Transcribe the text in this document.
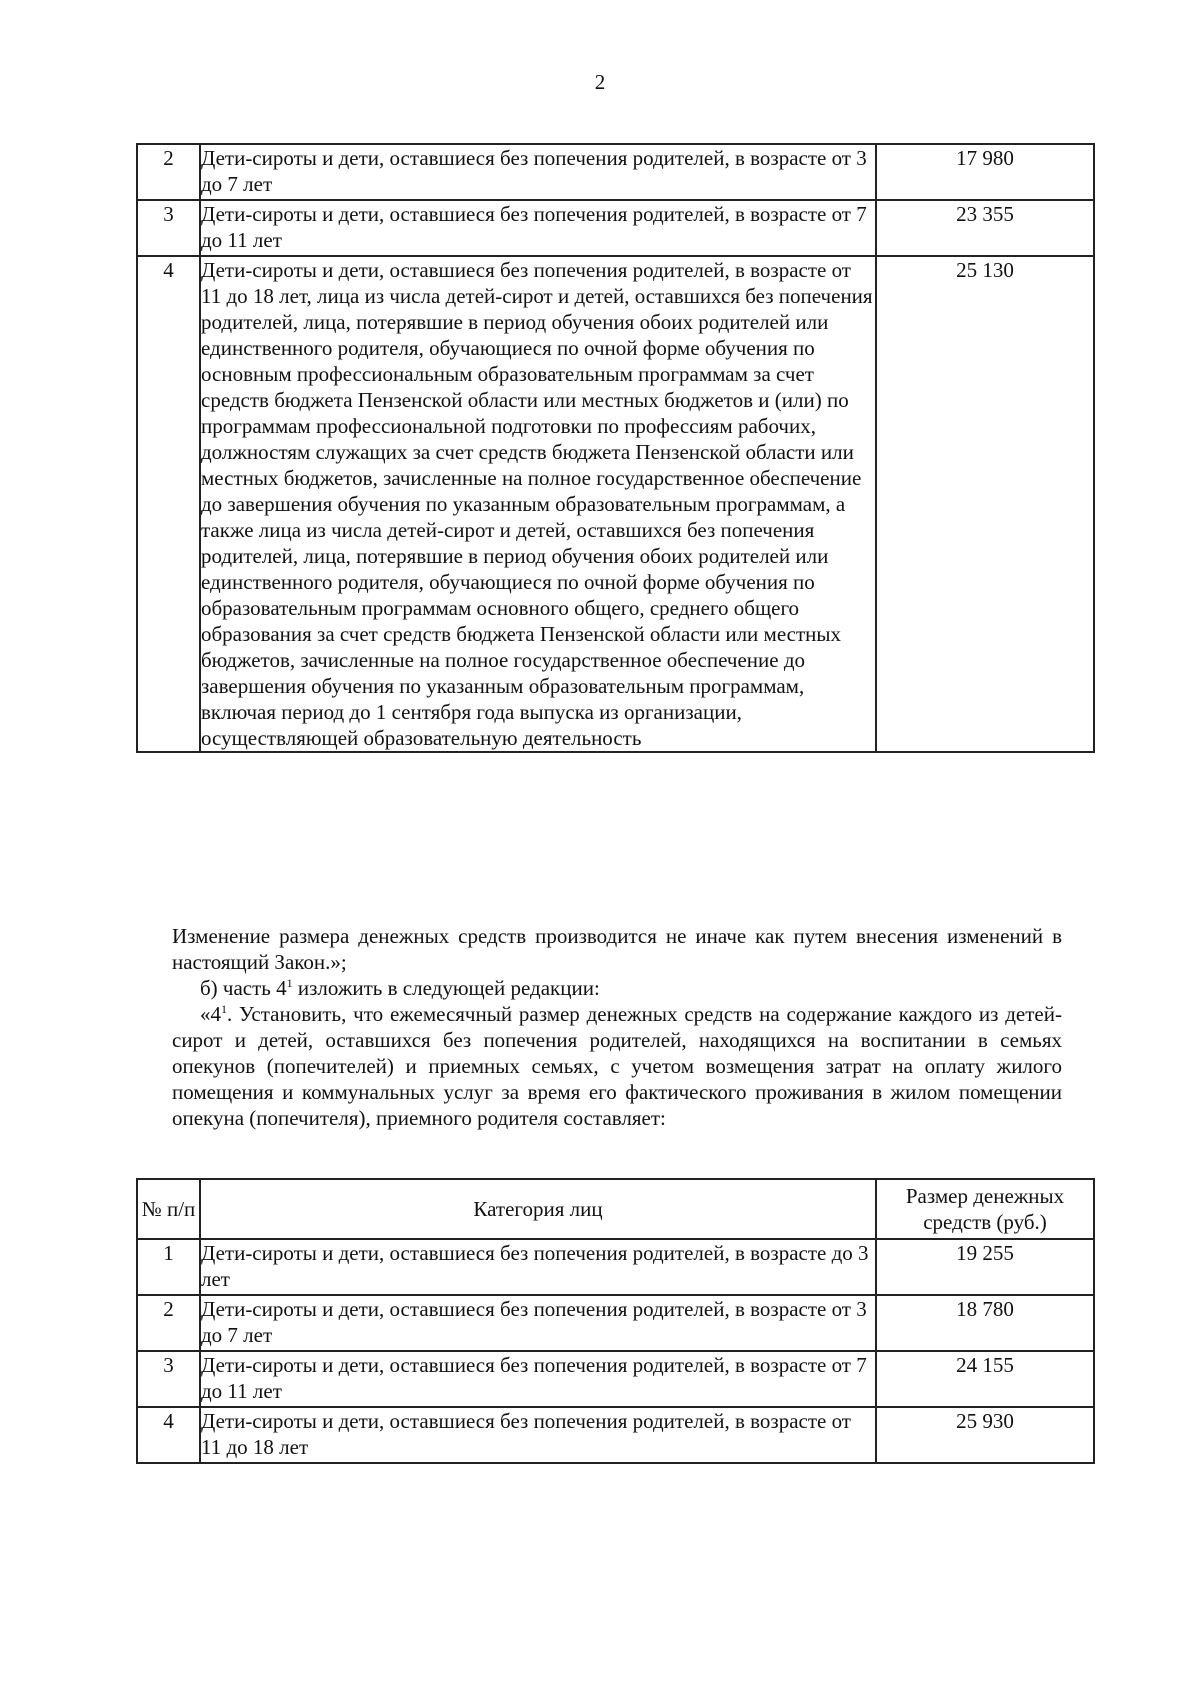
2
2	Дети-сироты и дети, оставшиеся без попечения родителей, в возрасте от 3 до 7 лет	17 980
3	Дети-сироты и дети, оставшиеся без попечения родителей, в возрасте от 7 до 11 лет	23 355
4	Дети-сироты и дети, оставшиеся без попечения родителей, в возрасте от 11 до 18 лет, лица из числа детей-сирот и детей, оставшихся без попечения родителей, лица, потерявшие в период обучения обоих родителей или единственного родителя, обучающиеся по очной форме обучения по основным профессиональным образовательным программам за счет средств бюджета Пензенской области или местных бюджетов и (или) по программам профессиональной подготовки по профессиям рабочих, должностям служащих за счет средств бюджета Пензенской области или местных бюджетов, зачисленные на полное государственное обеспечение до завершения обучения по указанным образовательным программам, а также лица из числа детей-сирот и детей, оставшихся без попечения родителей, лица, потерявшие в период обучения обоих родителей или единственного родителя, обучающиеся по очной форме обучения по образовательным программам основного общего, среднего общего образования за счет средств бюджета Пензенской области или местных бюджетов, зачисленные на полное государственное обеспечение до завершения обучения по указанным образовательным программам, включая период до 1 сентября года выпуска из организации, осуществляющей образовательную деятельность	25 130

Изменение размера денежных средств производится не иначе как путем внесения изменений в настоящий Закон.»;

б) часть $4^1$ изложить в следующей редакции:

«$4^1$. Установить, что ежемесячный размер денежных средств на содержание каждого из детей-сирот и детей, оставшихся без попечения родителей, находящихся на воспитании в семьях опекунов (попечителей) и приемных семьях, с учетом возмещения затрат на оплату жилого помещения и коммунальных услуг за время его фактического проживания в жилом помещении опекуна (попечителя), приемного родителя составляет:

№ п/п	Категория лиц	Размер денежных средств (руб.)
1	Дети-сироты и дети, оставшиеся без попечения родителей, в возрасте до 3 лет	19 255
2	Дети-сироты и дети, оставшиеся без попечения родителей, в возрасте от 3 до 7 лет	18 780
3	Дети-сироты и дети, оставшиеся без попечения родителей, в возрасте от 7 до 11 лет	24 155
4	Дети-сироты и дети, оставшиеся без попечения родителей, в возрасте от 11 до 18 лет	25 930
